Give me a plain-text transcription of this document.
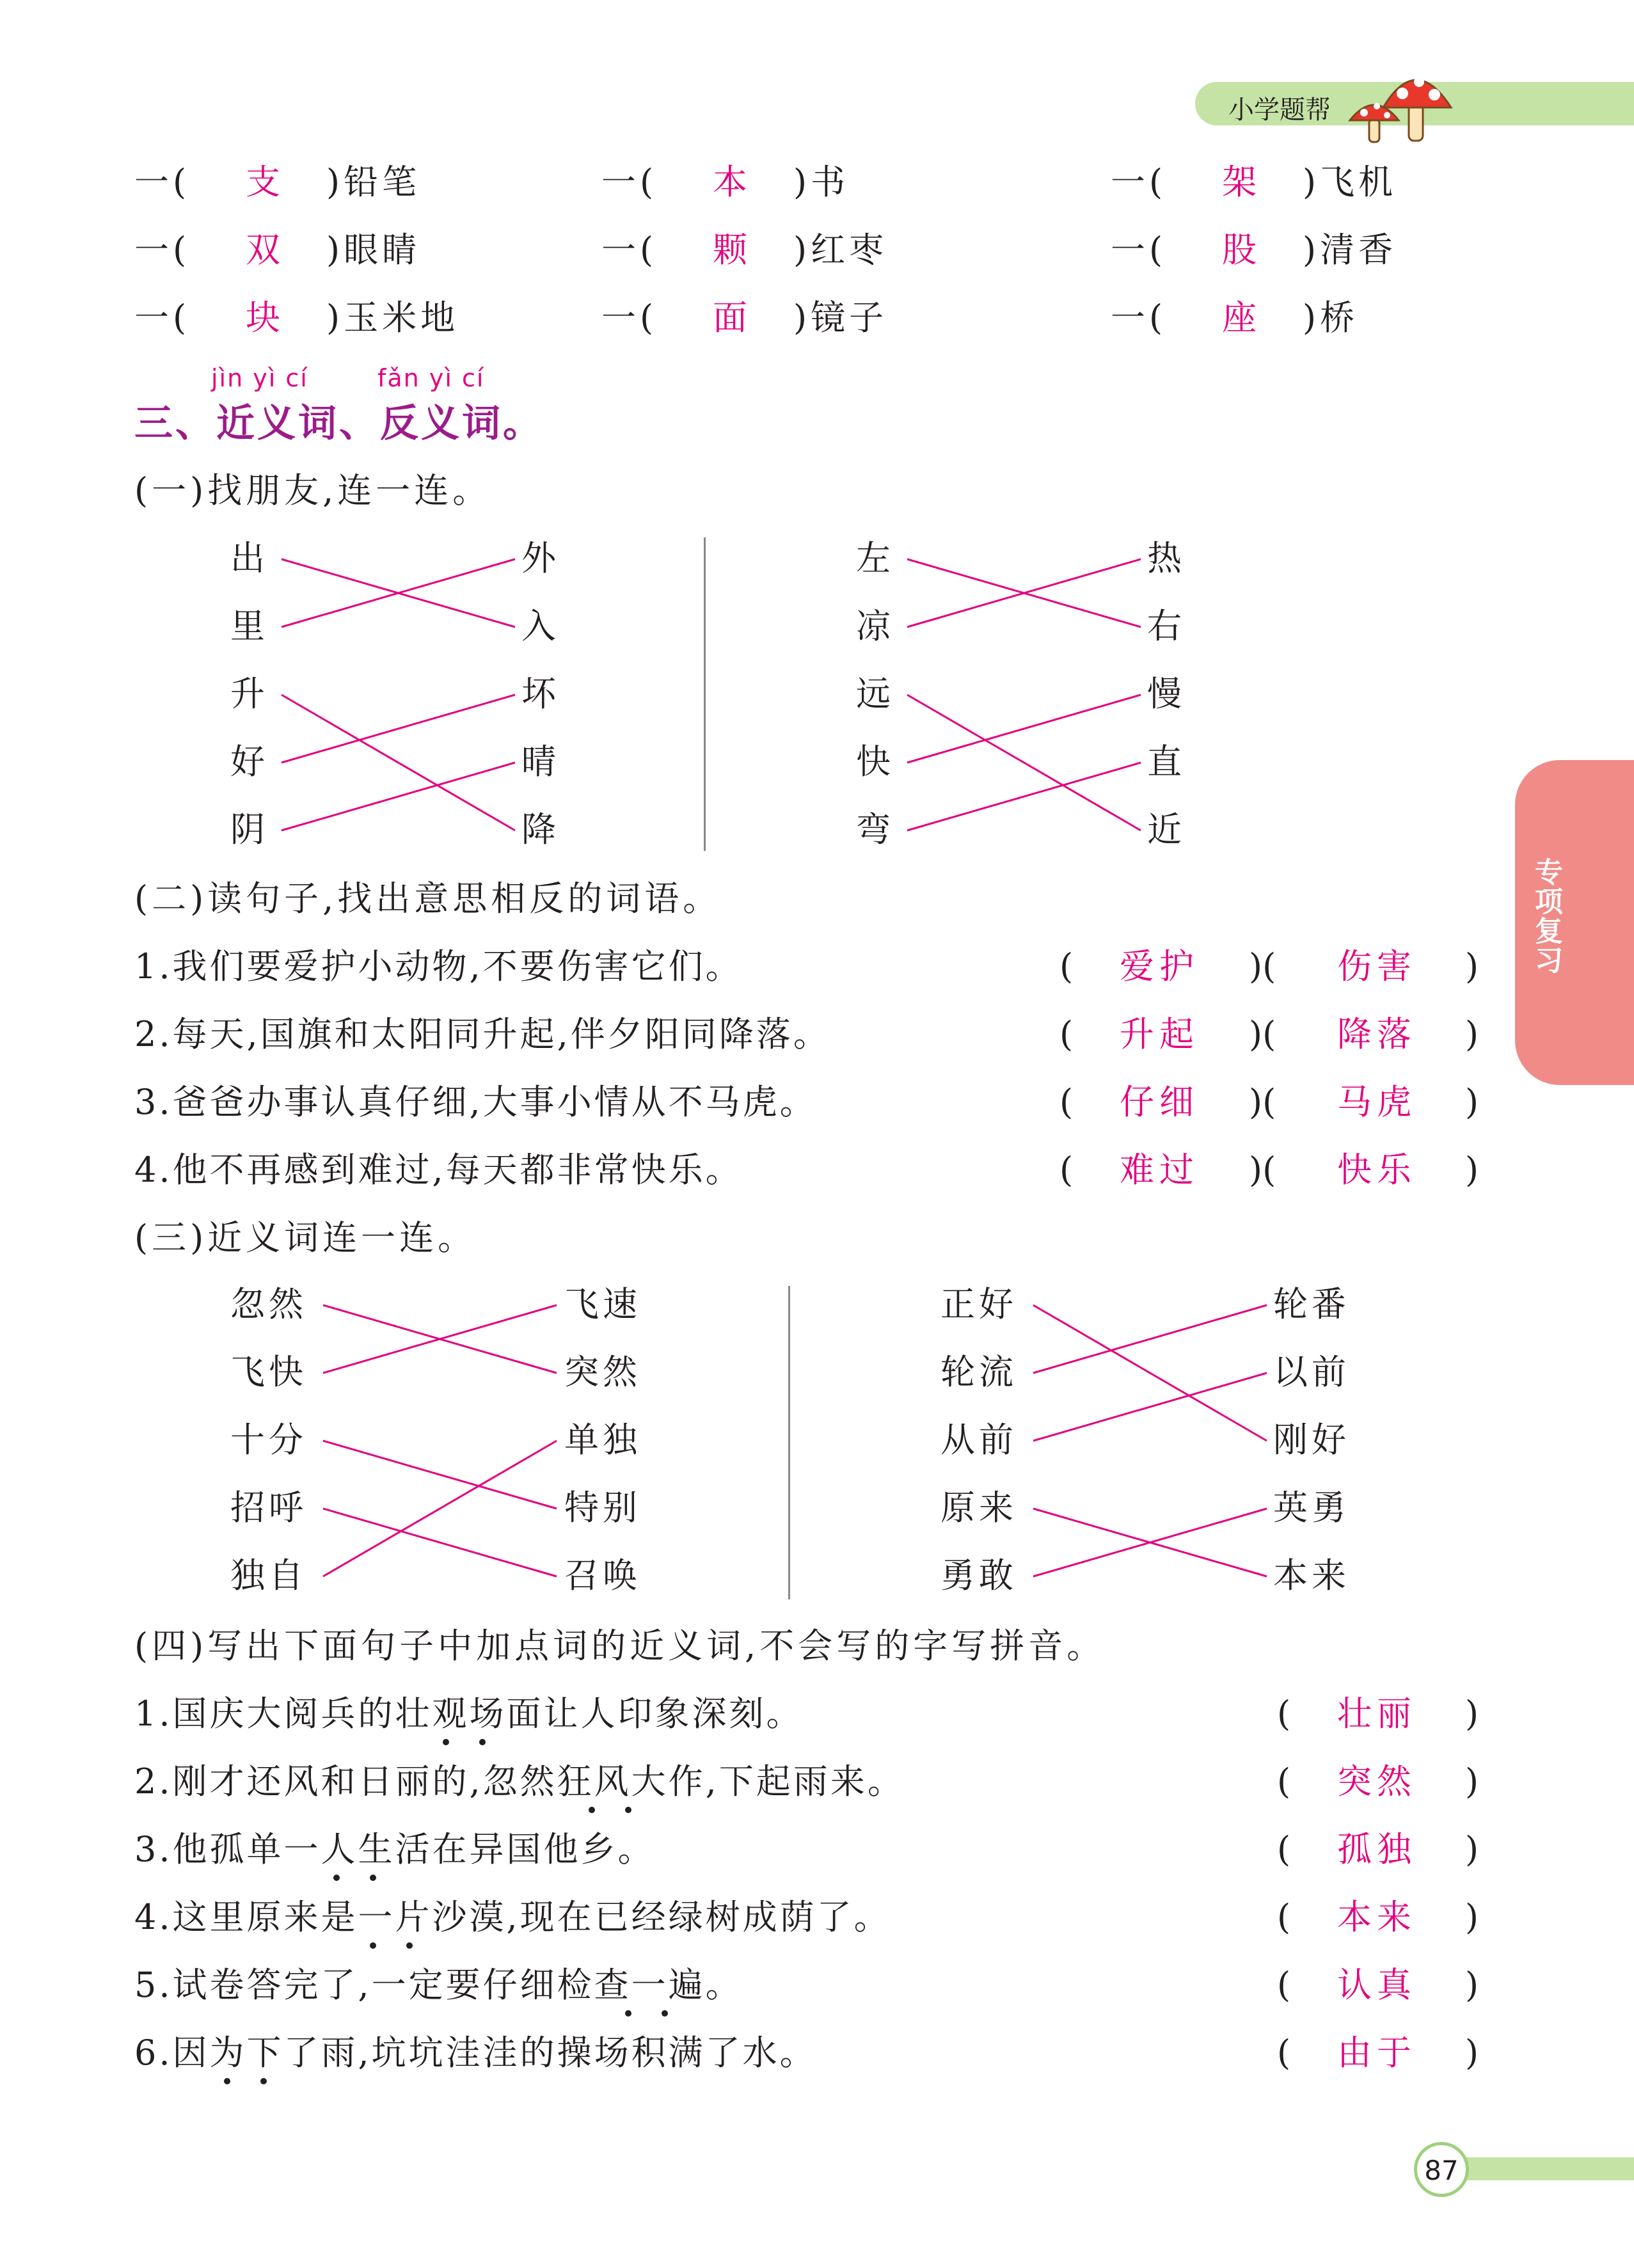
小学题帮
专项复习
87
一(	支	)铅笔	一(	本	)书	一(	架	)飞机
一(	双	)眼睛	一(	颗	)红枣	一(	股	)清香
一(	块	)玉米地	一(	面	)镜子	一(	座	)桥
jìn yì cí	fǎn yì cí
三、近义词、反义词。
(一)找朋友,连一连。
出
里
升
好
阴
外
入
坏
晴
降
左
凉
远
快
弯
热
右
慢
直
近
(二)读句子,找出意思相反的词语。
1.我们要爱护小动物,不要伤害它们。	(	爱护	)(	伤害	)
2.每天,国旗和太阳同升起,伴夕阳同降落。	(	升起	)(	降落	)
3.爸爸办事认真仔细,大事小情从不马虎。	(	仔细	)(	马虎	)
4.他不再感到难过,每天都非常快乐。	(	难过	)(	快乐	)
(三)近义词连一连。
忽然
飞快
十分
招呼
独自
飞速
突然
单独
特别
召唤
正好
轮流
从前
原来
勇敢
轮番
以前
刚好
英勇
本来
(四)写出下面句子中加点词的近义词,不会写的字写拼音。
1.国庆大阅兵的壮观场面让人印象深刻。	(	壮丽	)
2.刚才还风和日丽的,忽然狂风大作,下起雨来。	(	突然	)
3.他孤单一人生活在异国他乡。	(	孤独	)
4.这里原来是一片沙漠,现在已经绿树成荫了。	(	本来	)
5.试卷答完了,一定要仔细检查一遍。	(	认真	)
6.因为下了雨,坑坑洼洼的操场积满了水。	(	由于	)
